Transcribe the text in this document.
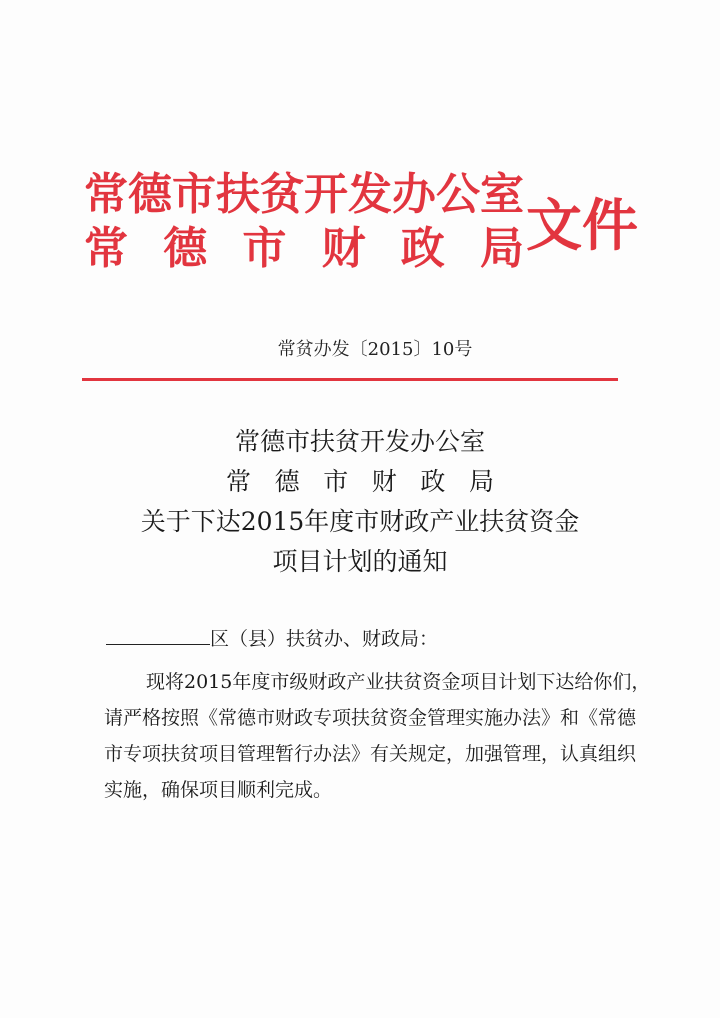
常 德 市 扶 贫 开 发 办 公 室
常 德 市 财 政 局 文件
常贫办发〔2015〕10号
常德市扶贫开发办公室
常 德 市 财 政 局
关于下达2015年度市财政产业扶贫资金
项目计划的通知
区（县）扶贫办、财政局：
现将2015年度市级财政产业扶贫资金项目计划下达给你们，
请严格按照《常德市财政专项扶贫资金管理实施办法》和《常德
市专项扶贫项目管理暂行办法》有关规定，加强管理，认真组织
实施，确保项目顺利完成。
